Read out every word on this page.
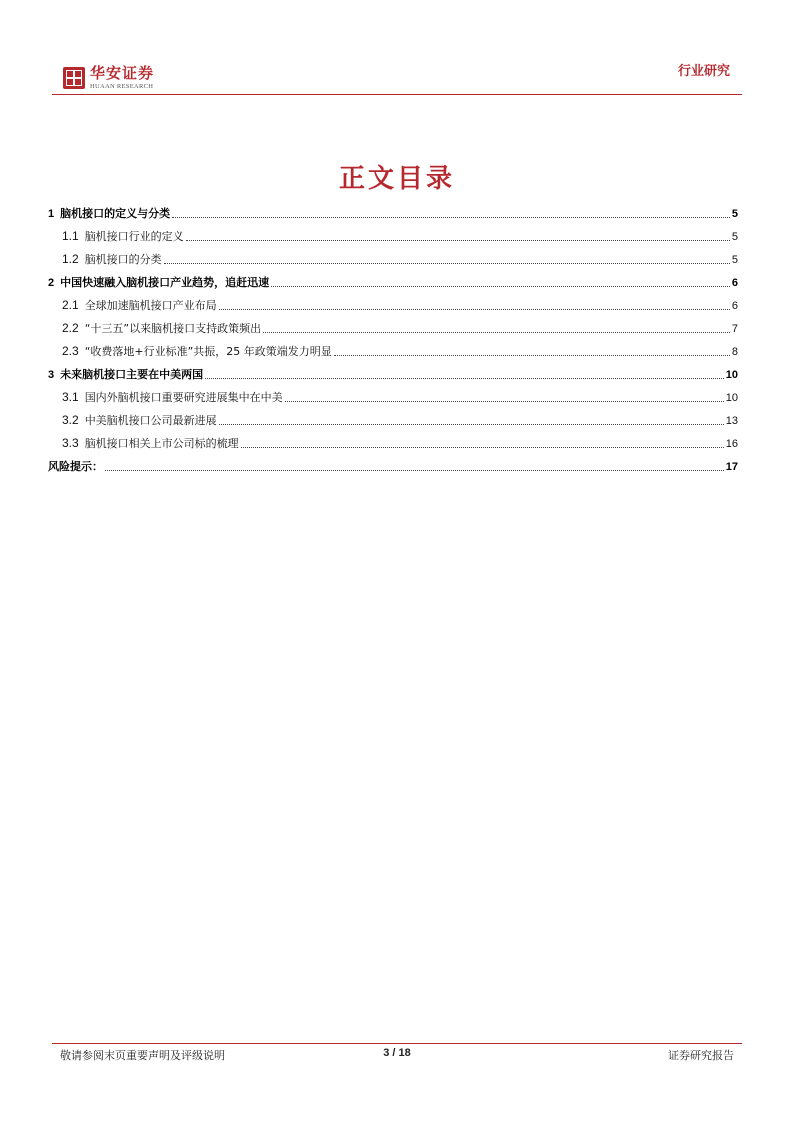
华安证券
HUAAN RESEARCH
行业研究
正文目录
1 脑机接口的定义与分类	5
1.1 脑机接口行业的定义	5
1.2 脑机接口的分类	5
2 中国快速融入脑机接口产业趋势，追赶迅速	6
2.1 全球加速脑机接口产业布局	6
2.2 “十三五”以来脑机接口支持政策频出	7
2.3 “收费落地+行业标准”共振，25 年政策端发力明显	8
3 未来脑机接口主要在中美两国	10
3.1 国内外脑机接口重要研究进展集中在中美	10
3.2 中美脑机接口公司最新进展	13
3.3 脑机接口相关上市公司标的梳理	16
风险提示：	17
敬请参阅末页重要声明及评级说明	3 / 18	证券研究报告
